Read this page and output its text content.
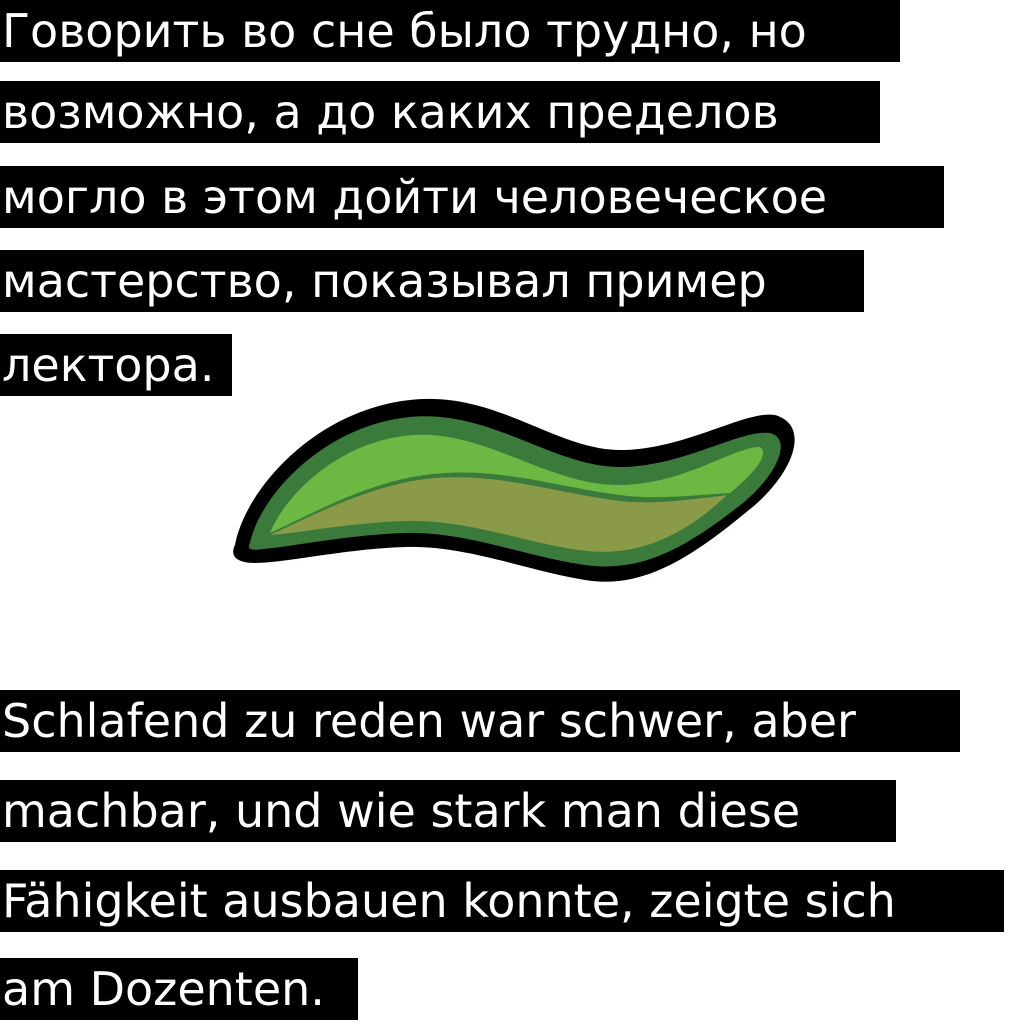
Говорить во сне было трудно, но
возможно, а до каких пределов
могло в этом дойти человеческое
мастерство, показывал пример
лектора.
Schlafend zu reden war schwer, aber
machbar, und wie stark man diese
Fähigkeit ausbauen konnte, zeigte sich
am Dozenten.
